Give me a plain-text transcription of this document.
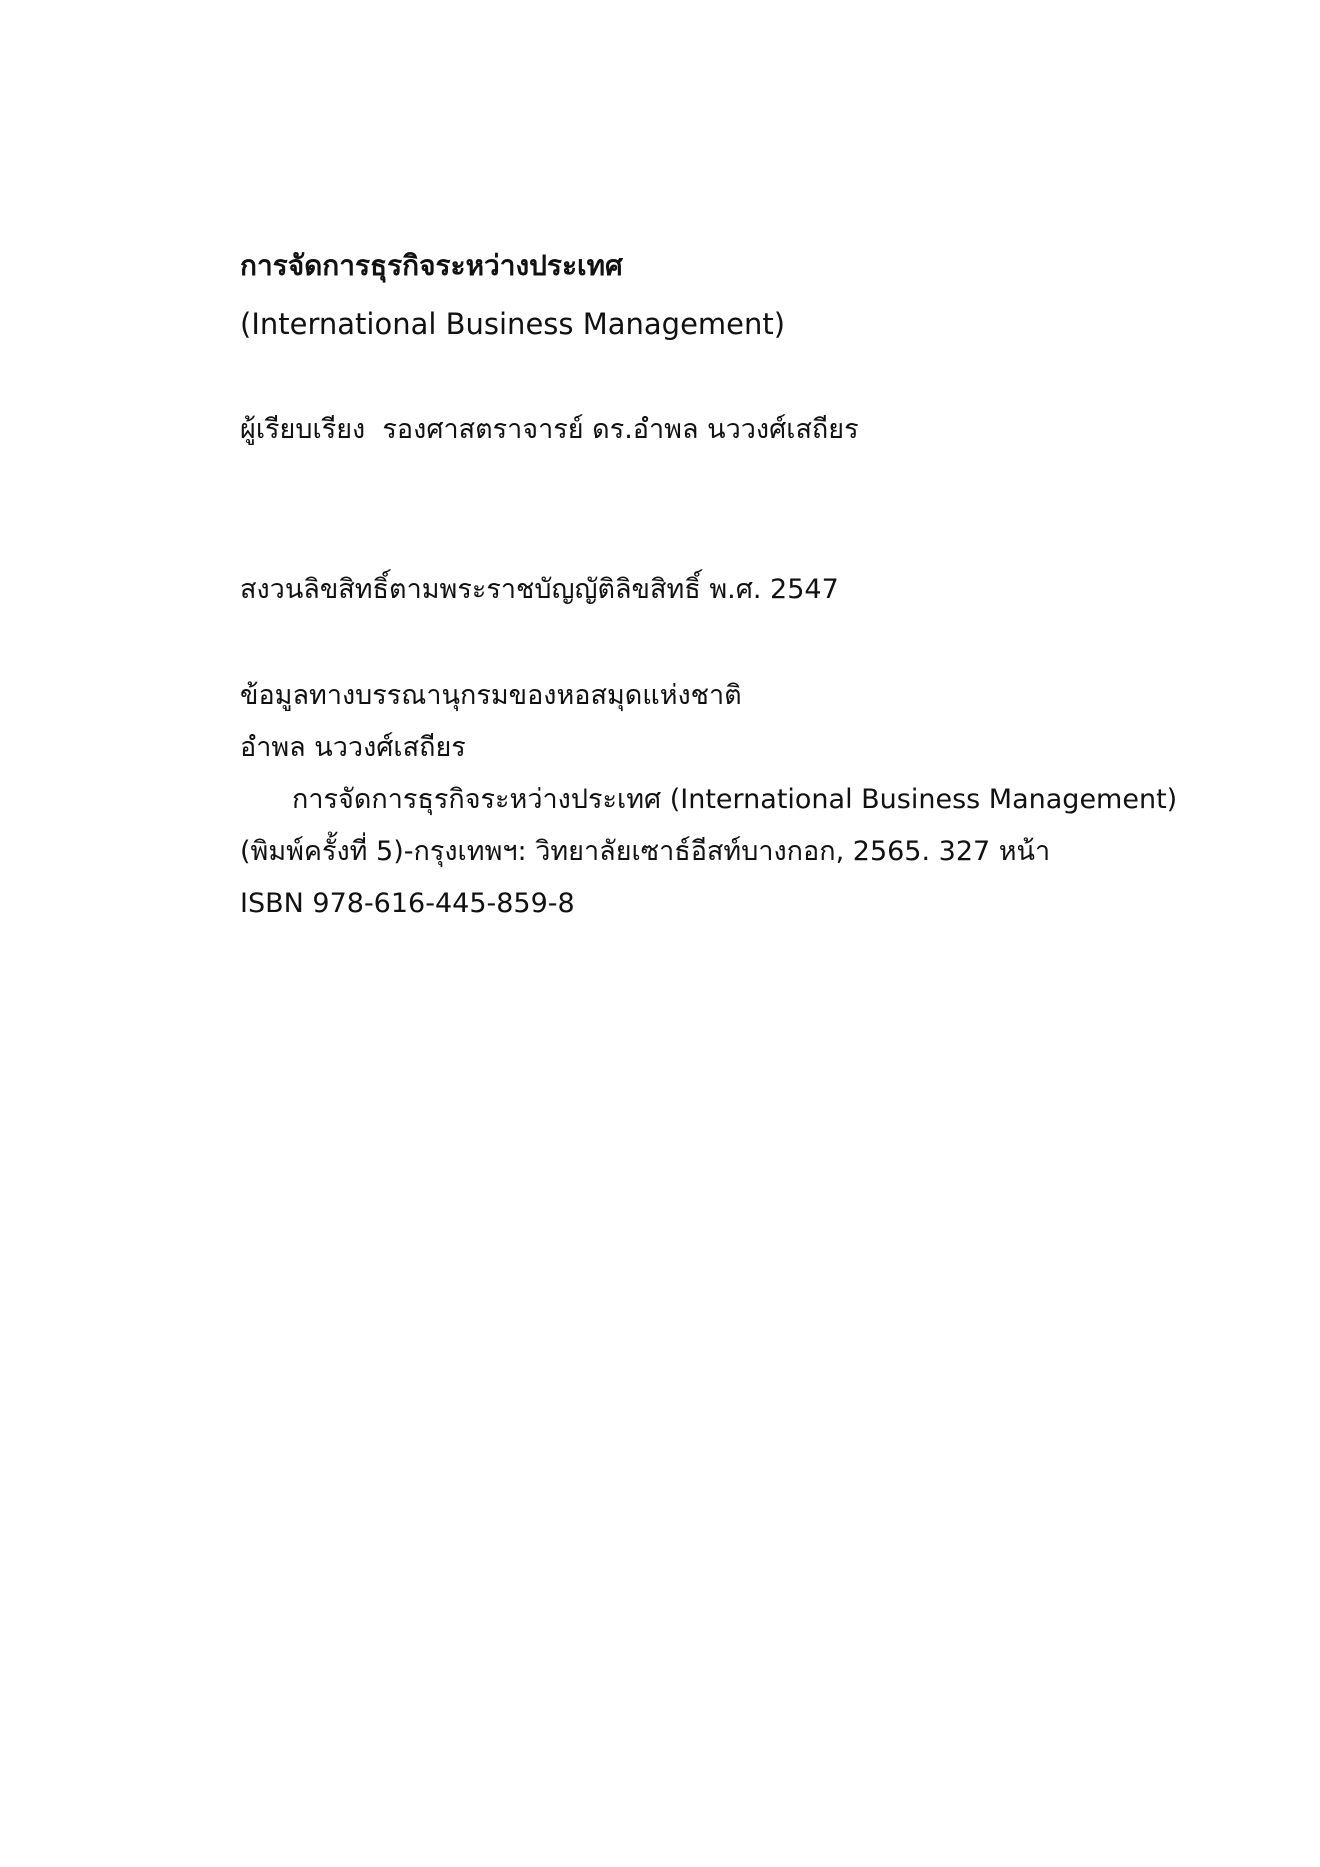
การจัดการธุรกิจระหว่างประเทศ
(International Business Management)
ผู้เรียบเรียง รองศาสตราจารย์ ดร.อำพล นววงศ์เสถียร
สงวนลิขสิทธิ์ตามพระราชบัญญัติลิขสิทธิ์ พ.ศ. 2547
ข้อมูลทางบรรณานุกรมของหอสมุดแห่งชาติ
อำพล นววงศ์เสถียร
การจัดการธุรกิจระหว่างประเทศ (International Business Management)
(พิมพ์ครั้งที่ 5)-กรุงเทพฯ: วิทยาลัยเซาธ์อีสท์บางกอก, 2565. 327 หน้า
ISBN 978-616-445-859-8
